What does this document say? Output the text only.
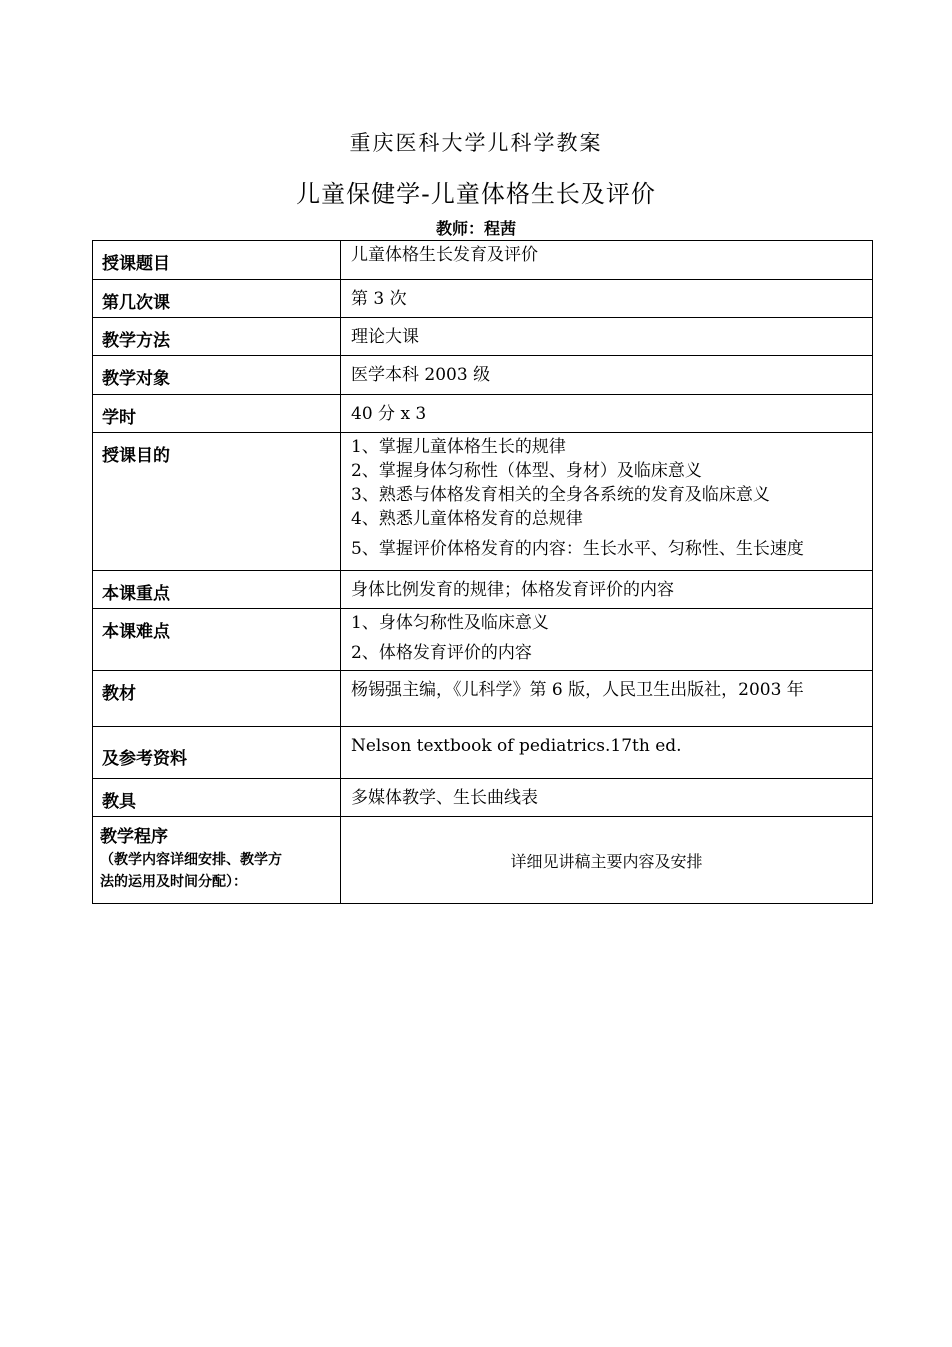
重庆医科大学儿科学教案
儿童保健学-儿童体格生长及评价
教师：程茜
授课题目	儿童体格生长发育及评价

第几次课	第 3 次

教学方法	理论大课

教学对象	医学本科 2003 级

学时	40 分 x 3

授课目的	1、掌握儿童体格生长的规律
2、掌握身体匀称性（体型、身材）及临床意义
3、熟悉与体格发育相关的全身各系统的发育及临床意义
4、熟悉儿童体格发育的总规律
5、掌握评价体格发育的内容：生长水平、匀称性、生长速度

本课重点	身体比例发育的规律；体格发育评价的内容

本课难点	1、身体匀称性及临床意义
2、体格发育评价的内容

教材	杨锡强主编，《儿科学》第 6 版，人民卫生出版社，2003 年

及参考资料	Nelson textbook of pediatrics.17th ed.

教具	多媒体教学、生长曲线表

教学程序
（教学内容详细安排、教学方
法的运用及时间分配）：	详细见讲稿主要内容及安排
